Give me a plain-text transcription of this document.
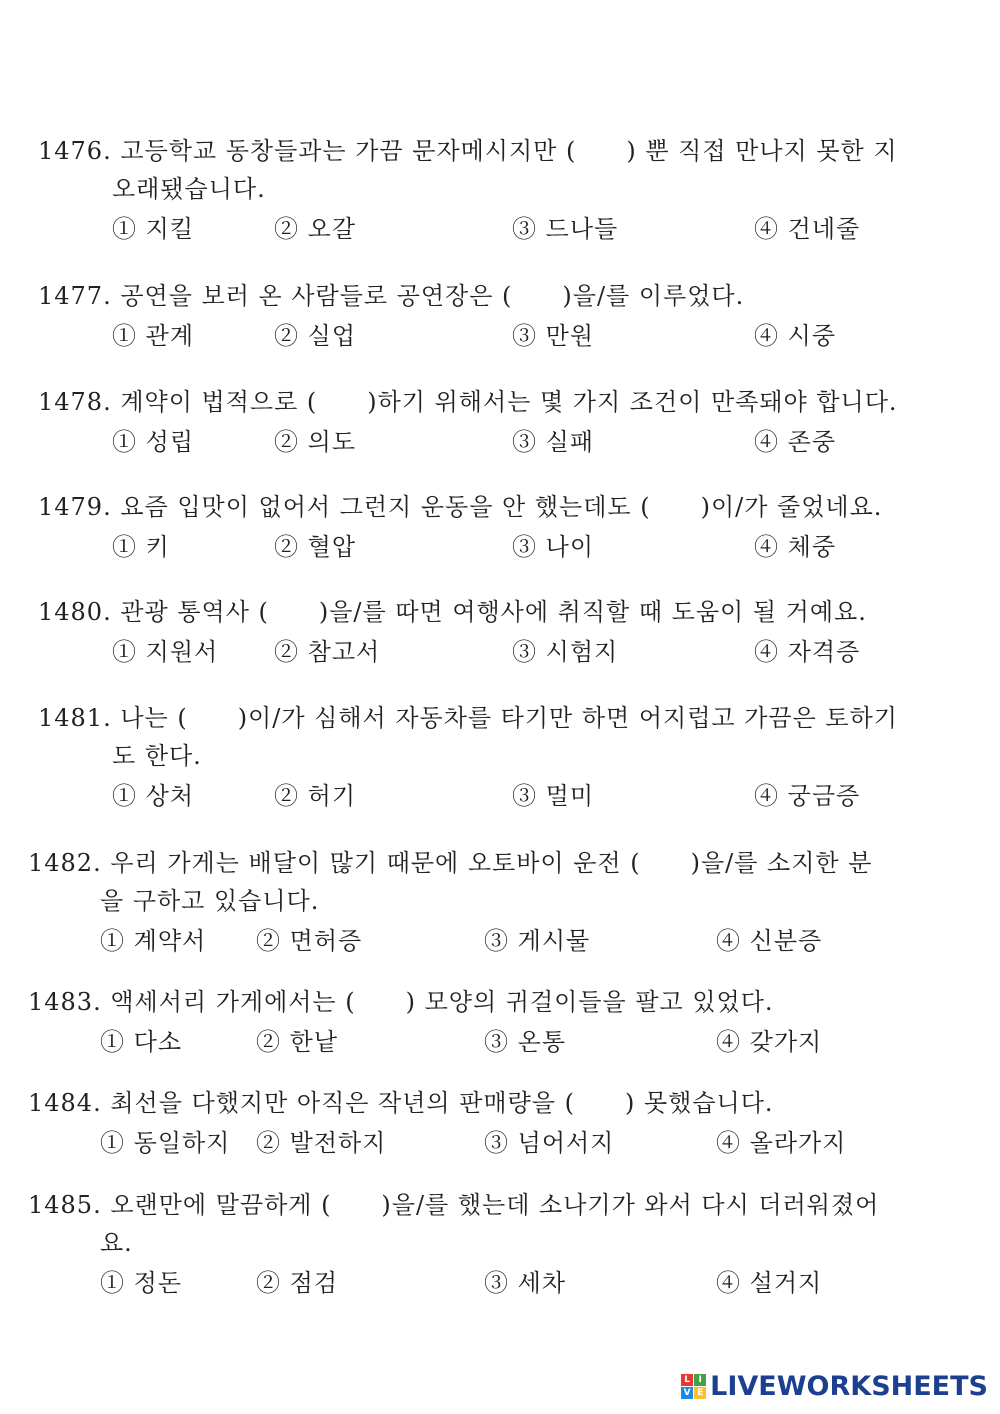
1476. 고등학교 동창들과는 가끔 문자메시지만 (　　) 뿐 직접 만나지 못한 지
오래됐습니다.
① 지킬	② 오갈	③ 드나들	④ 건네줄
1477. 공연을 보러 온 사람들로 공연장은 (　　)을/를 이루었다.
① 관계	② 실업	③ 만원	④ 시중
1478. 계약이 법적으로 (　　)하기 위해서는 몇 가지 조건이 만족돼야 합니다.
① 성립	② 의도	③ 실패	④ 존중
1479. 요즘 입맛이 없어서 그런지 운동을 안 했는데도 (　　)이/가 줄었네요.
① 키	② 혈압	③ 나이	④ 체중
1480. 관광 통역사 (　　)을/를 따면 여행사에 취직할 때 도움이 될 거예요.
① 지원서 ② 참고서	③ 시험지	④ 자격증
1481. 나는 (　　)이/가 심해서 자동차를 타기만 하면 어지럽고 가끔은 토하기
도 한다.
① 상처	② 허기	③ 멀미	④ 궁금증
1482. 우리 가게는 배달이 많기 때문에 오토바이 운전 (　　)을/를 소지한 분
을 구하고 있습니다.
① 계약서 ② 면허증	③ 게시물	④ 신분증
1483. 액세서리 가게에서는 (　　) 모양의 귀걸이들을 팔고 있었다.
① 다소	② 한낱	③ 온통	④ 갖가지
1484. 최선을 다했지만 아직은 작년의 판매량을 (　　) 못했습니다.
① 동일하지 ② 발전하지	③ 넘어서지	④ 올라가지
1485. 오랜만에 말끔하게 (　　)을/를 했는데 소나기가 와서 다시 더러워졌어
요.
① 정돈	② 점검	③ 세차	④ 설거지
L I
V E LIVEWORKSHEETS
